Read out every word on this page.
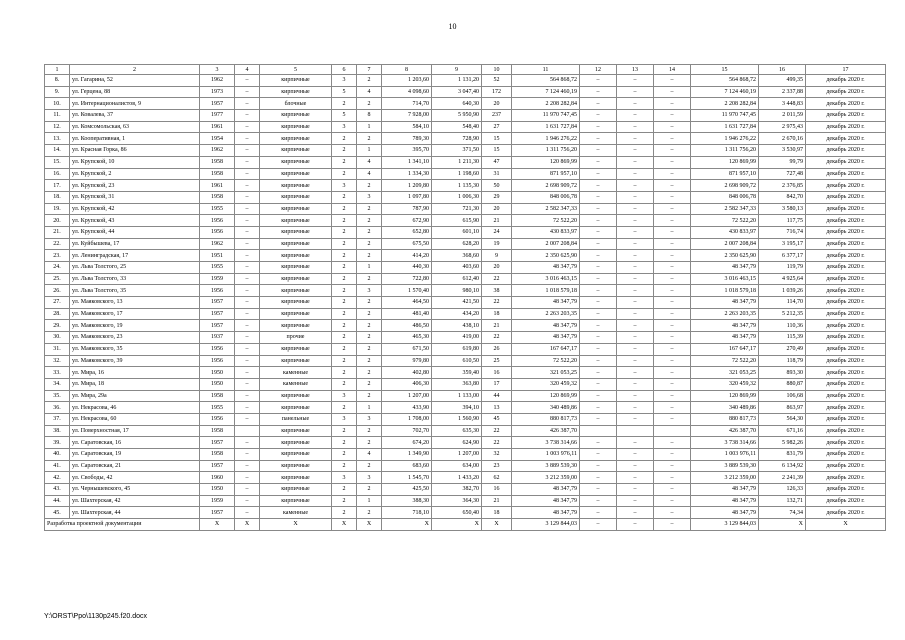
10
1	2	3	4	5	6	7	8	9	10	11	12	13	14	15	16	17
8.	ул. Гагарина, 52	1962	–	кирпичные	3	2	1 203,60	1 131,20	52	564 868,72	–	–	–	564 868,72	499,35	декабрь 2020 г.
9.	ул. Герцена, 88	1973	–	кирпичные	5	4	4 098,60	3 047,40	172	7 124 460,19	–	–	–	7 124 460,19	2 337,88	декабрь 2020 г.
10.	ул. Интернационалистов, 9	1957	–	блочные	2	2	714,70	640,30	20	2 208 282,84	–	–	–	2 208 282,84	3 448,83	декабрь 2020 г.
11.	ул. Ковалева, 37	1977	–	кирпичные	5	8	7 928,00	5 950,90	237	11 970 747,45	–	–	–	11 970 747,45	2 011,59	декабрь 2020 г.
12.	ул. Комсомольская, 63	1961	–	кирпичные	3	1	584,10	548,40	27	1 631 727,84	–	–	–	1 631 727,84	2 975,43	декабрь 2020 г.
13.	ул. Кооперативная, 1	1954	–	кирпичные	2	2	789,30	728,90	15	1 946 276,22	–	–	–	1 946 276,22	2 670,16	декабрь 2020 г.
14.	ул. Красная Горка, 86	1962	–	кирпичные	2	1	395,70	371,50	15	1 311 756,20	–	–	–	1 311 756,20	3 530,97	декабрь 2020 г.
15.	ул. Крупской, 10	1958	–	кирпичные	2	4	1 341,10	1 211,30	47	120 869,99	–	–	–	120 869,99	99,79	декабрь 2020 г.
16.	ул. Крупской, 2	1958	–	кирпичные	2	4	1 334,30	1 198,60	31	871 957,10	–	–	–	871 957,10	727,48	декабрь 2020 г.
17.	ул. Крупской, 23	1961	–	кирпичные	3	2	1 209,80	1 135,30	50	2 698 909,72	–	–	–	2 698 909,72	2 376,85	декабрь 2020 г.
18.	ул. Крупской, 31	1958	–	кирпичные	2	3	1 097,80	1 006,30	29	848 006,78	–	–	–	848 006,78	842,70	декабрь 2020 г.
19.	ул. Крупской, 42	1955	–	кирпичные	2	2	787,90	721,30	20	2 582 347,33	–	–	–	2 582 347,33	3 580,13	декабрь 2020 г.
20.	ул. Крупской, 43	1956	–	кирпичные	2	2	672,90	615,90	21	72 522,20	–	–	–	72 522,20	117,75	декабрь 2020 г.
21.	ул. Крупской, 44	1956	–	кирпичные	2	2	652,80	601,10	24	430 833,97	–	–	–	430 833,97	716,74	декабрь 2020 г.
22.	ул. Куйбышева, 17	1962	–	кирпичные	2	2	675,50	628,20	19	2 007 208,84	–	–	–	2 007 208,84	3 195,17	декабрь 2020 г.
23.	ул. Ленинградская, 17	1951	–	кирпичные	2	2	414,20	368,60	9	2 350 625,90	–	–	–	2 350 625,90	6 377,17	декабрь 2020 г.
24.	ул. Льва Толстого, 25	1955	–	кирпичные	2	1	440,30	403,60	20	48 347,79	–	–	–	48 347,79	119,79	декабрь 2020 г.
25.	ул. Льва Толстого, 33	1959	–	кирпичные	2	2	722,80	612,40	22	3 016 463,15	–	–	–	3 016 463,15	4 925,64	декабрь 2020 г.
26.	ул. Льва Толстого, 35	1956	–	кирпичные	2	3	1 570,40	980,10	38	1 018 579,18	–	–	–	1 018 579,18	1 039,26	декабрь 2020 г.
27.	ул. Маяковского, 13	1957	–	кирпичные	2	2	464,50	421,50	22	48 347,79	–	–	–	48 347,79	114,70	декабрь 2020 г.
28.	ул. Маяковского, 17	1957	–	кирпичные	2	2	481,40	434,20	18	2 263 203,35	–	–	–	2 263 203,35	5 212,35	декабрь 2020 г.
29.	ул. Маяковского, 19	1957	–	кирпичные	2	2	486,50	438,10	21	48 347,79	–	–	–	48 347,79	110,36	декабрь 2020 г.
30.	ул. Маяковского, 23	1937	–	прочие	2	2	465,30	419,00	22	48 347,79	–	–	–	48 347,79	115,39	декабрь 2020 г.
31.	ул. Маяковского, 35	1956	–	кирпичные	2	2	671,50	619,80	26	167 647,17	–	–	–	167 647,17	270,49	декабрь 2020 г.
32.	ул. Маяковского, 39	1956	–	кирпичные	2	2	979,80	610,50	25	72 522,20	–	–	–	72 522,20	118,79	декабрь 2020 г.
33.	ул. Мира, 16	1950	–	каменные	2	2	402,80	359,40	16	321 053,25	–	–	–	321 053,25	893,30	декабрь 2020 г.
34.	ул. Мира, 18	1950	–	каменные	2	2	406,30	363,80	17	320 459,32	–	–	–	320 459,32	880,87	декабрь 2020 г.
35.	ул. Мира, 29а	1958	–	кирпичные	3	2	1 207,00	1 133,00	44	120 869,99	–	–	–	120 869,99	106,68	декабрь 2020 г.
36.	ул. Некрасова, 46	1955	–	кирпичные	2	1	433,90	394,10	13	340 489,86	–	–	–	340 489,86	863,97	декабрь 2020 г.
37.	ул. Некрасова, 60	1956	–	панельные	3	3	1 708,00	1 560,90	45	880 817,73	–	–	–	880 817,73	564,30	декабрь 2020 г.
38.	ул. Поверхностная, 17	1958		кирпичные	2	2	702,70	635,30	22	426 387,70				426 387,70	671,16	декабрь 2020 г.
39.	ул. Саратовская, 16	1957	–	кирпичные	2	2	674,20	624,90	22	3 738 314,66	–	–	–	3 738 314,66	5 982,26	декабрь 2020 г.
40.	ул. Саратовская, 19	1958	–	кирпичные	2	4	1 349,90	1 207,00	32	1 003 976,11	–	–	–	1 003 976,11	831,79	декабрь 2020 г.
41.	ул. Саратовская, 21	1957	–	кирпичные	2	2	683,60	634,00	23	3 889 539,30	–	–	–	3 889 539,30	6 134,92	декабрь 2020 г.
42.	ул. Свободы, 42	1960	–	кирпичные	3	3	1 545,70	1 433,20	62	3 212 359,00	–	–	–	3 212 359,00	2 241,39	декабрь 2020 г.
43.	ул. Чернышевского, 45	1950	–	кирпичные	2	2	425,50	382,70	16	48 347,79	–	–	–	48 347,79	126,33	декабрь 2020 г.
44.	ул. Шахтерская, 42	1959	–	кирпичные	2	1	388,30	364,30	21	48 347,79	–	–	–	48 347,79	132,71	декабрь 2020 г.
45.	ул. Шахтерская, 44	1957	–	каменные	2	2	718,10	650,40	18	48 347,79	–	–	–	48 347,79	74,34	декабрь 2020 г.
Разработка проектной документации		X	X	X	X	X	X	X	X	3 129 844,03	–	–	–	3 129 844,03	X	X
Y:\ORST\Ppo\1130p245.f20.docx
